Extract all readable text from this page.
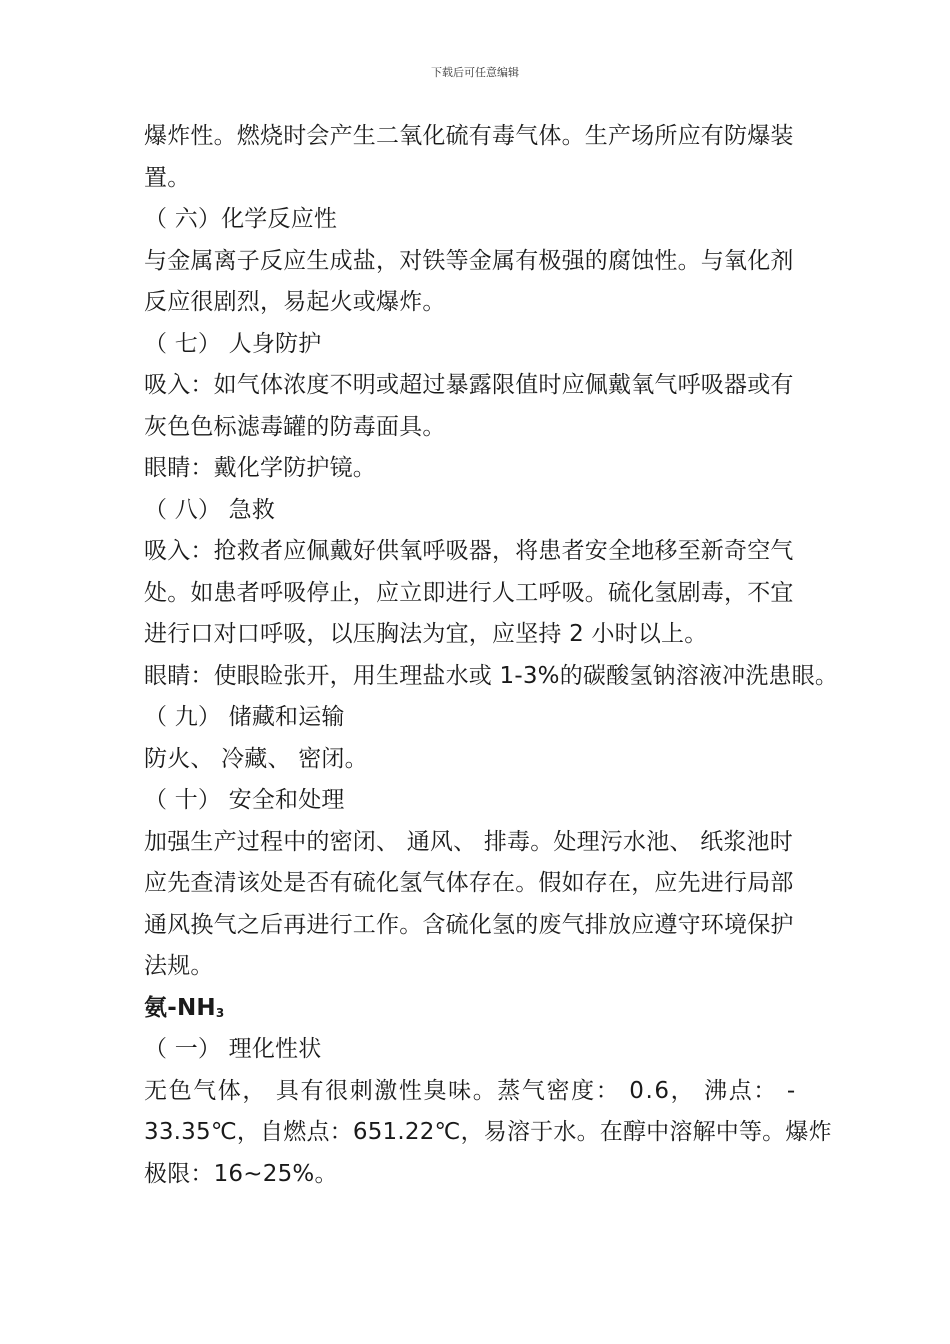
下载后可任意编辑
爆炸性。燃烧时会产生二氧化硫有毒气体。生产场所应有防爆装
置。
（ 六）化学反应性
与金属离子反应生成盐，对铁等金属有极强的腐蚀性。与氧化剂
反应很剧烈，易起火或爆炸。
（ 七） 人身防护
吸入：如气体浓度不明或超过暴露限值时应佩戴氧气呼吸器或有
灰色色标滤毒罐的防毒面具。
眼睛：戴化学防护镜。
（ 八） 急救
吸入：抢救者应佩戴好供氧呼吸器，将患者安全地移至新奇空气
处。如患者呼吸停止，应立即进行人工呼吸。硫化氢剧毒，不宜
进行口对口呼吸，以压胸法为宜，应坚持 2 小时以上。
眼睛：使眼睑张开，用生理盐水或 1-3%的碳酸氢钠溶液冲洗患眼。
（ 九） 储藏和运输
防火、 冷藏、 密闭。
（ 十） 安全和处理
加强生产过程中的密闭、 通风、 排毒。处理污水池、 纸浆池时
应先查清该处是否有硫化氢气体存在。假如存在，应先进行局部
通风换气之后再进行工作。含硫化氢的废气排放应遵守环境保护
法规。
氨$-NH_3$
（ 一） 理化性状
无色气体， 具有很刺激性臭味。蒸气密度： 0.6， 沸点： -
33.35℃，自燃点：651.22℃，易溶于水。在醇中溶解中等。爆炸
极限：16~25%。
